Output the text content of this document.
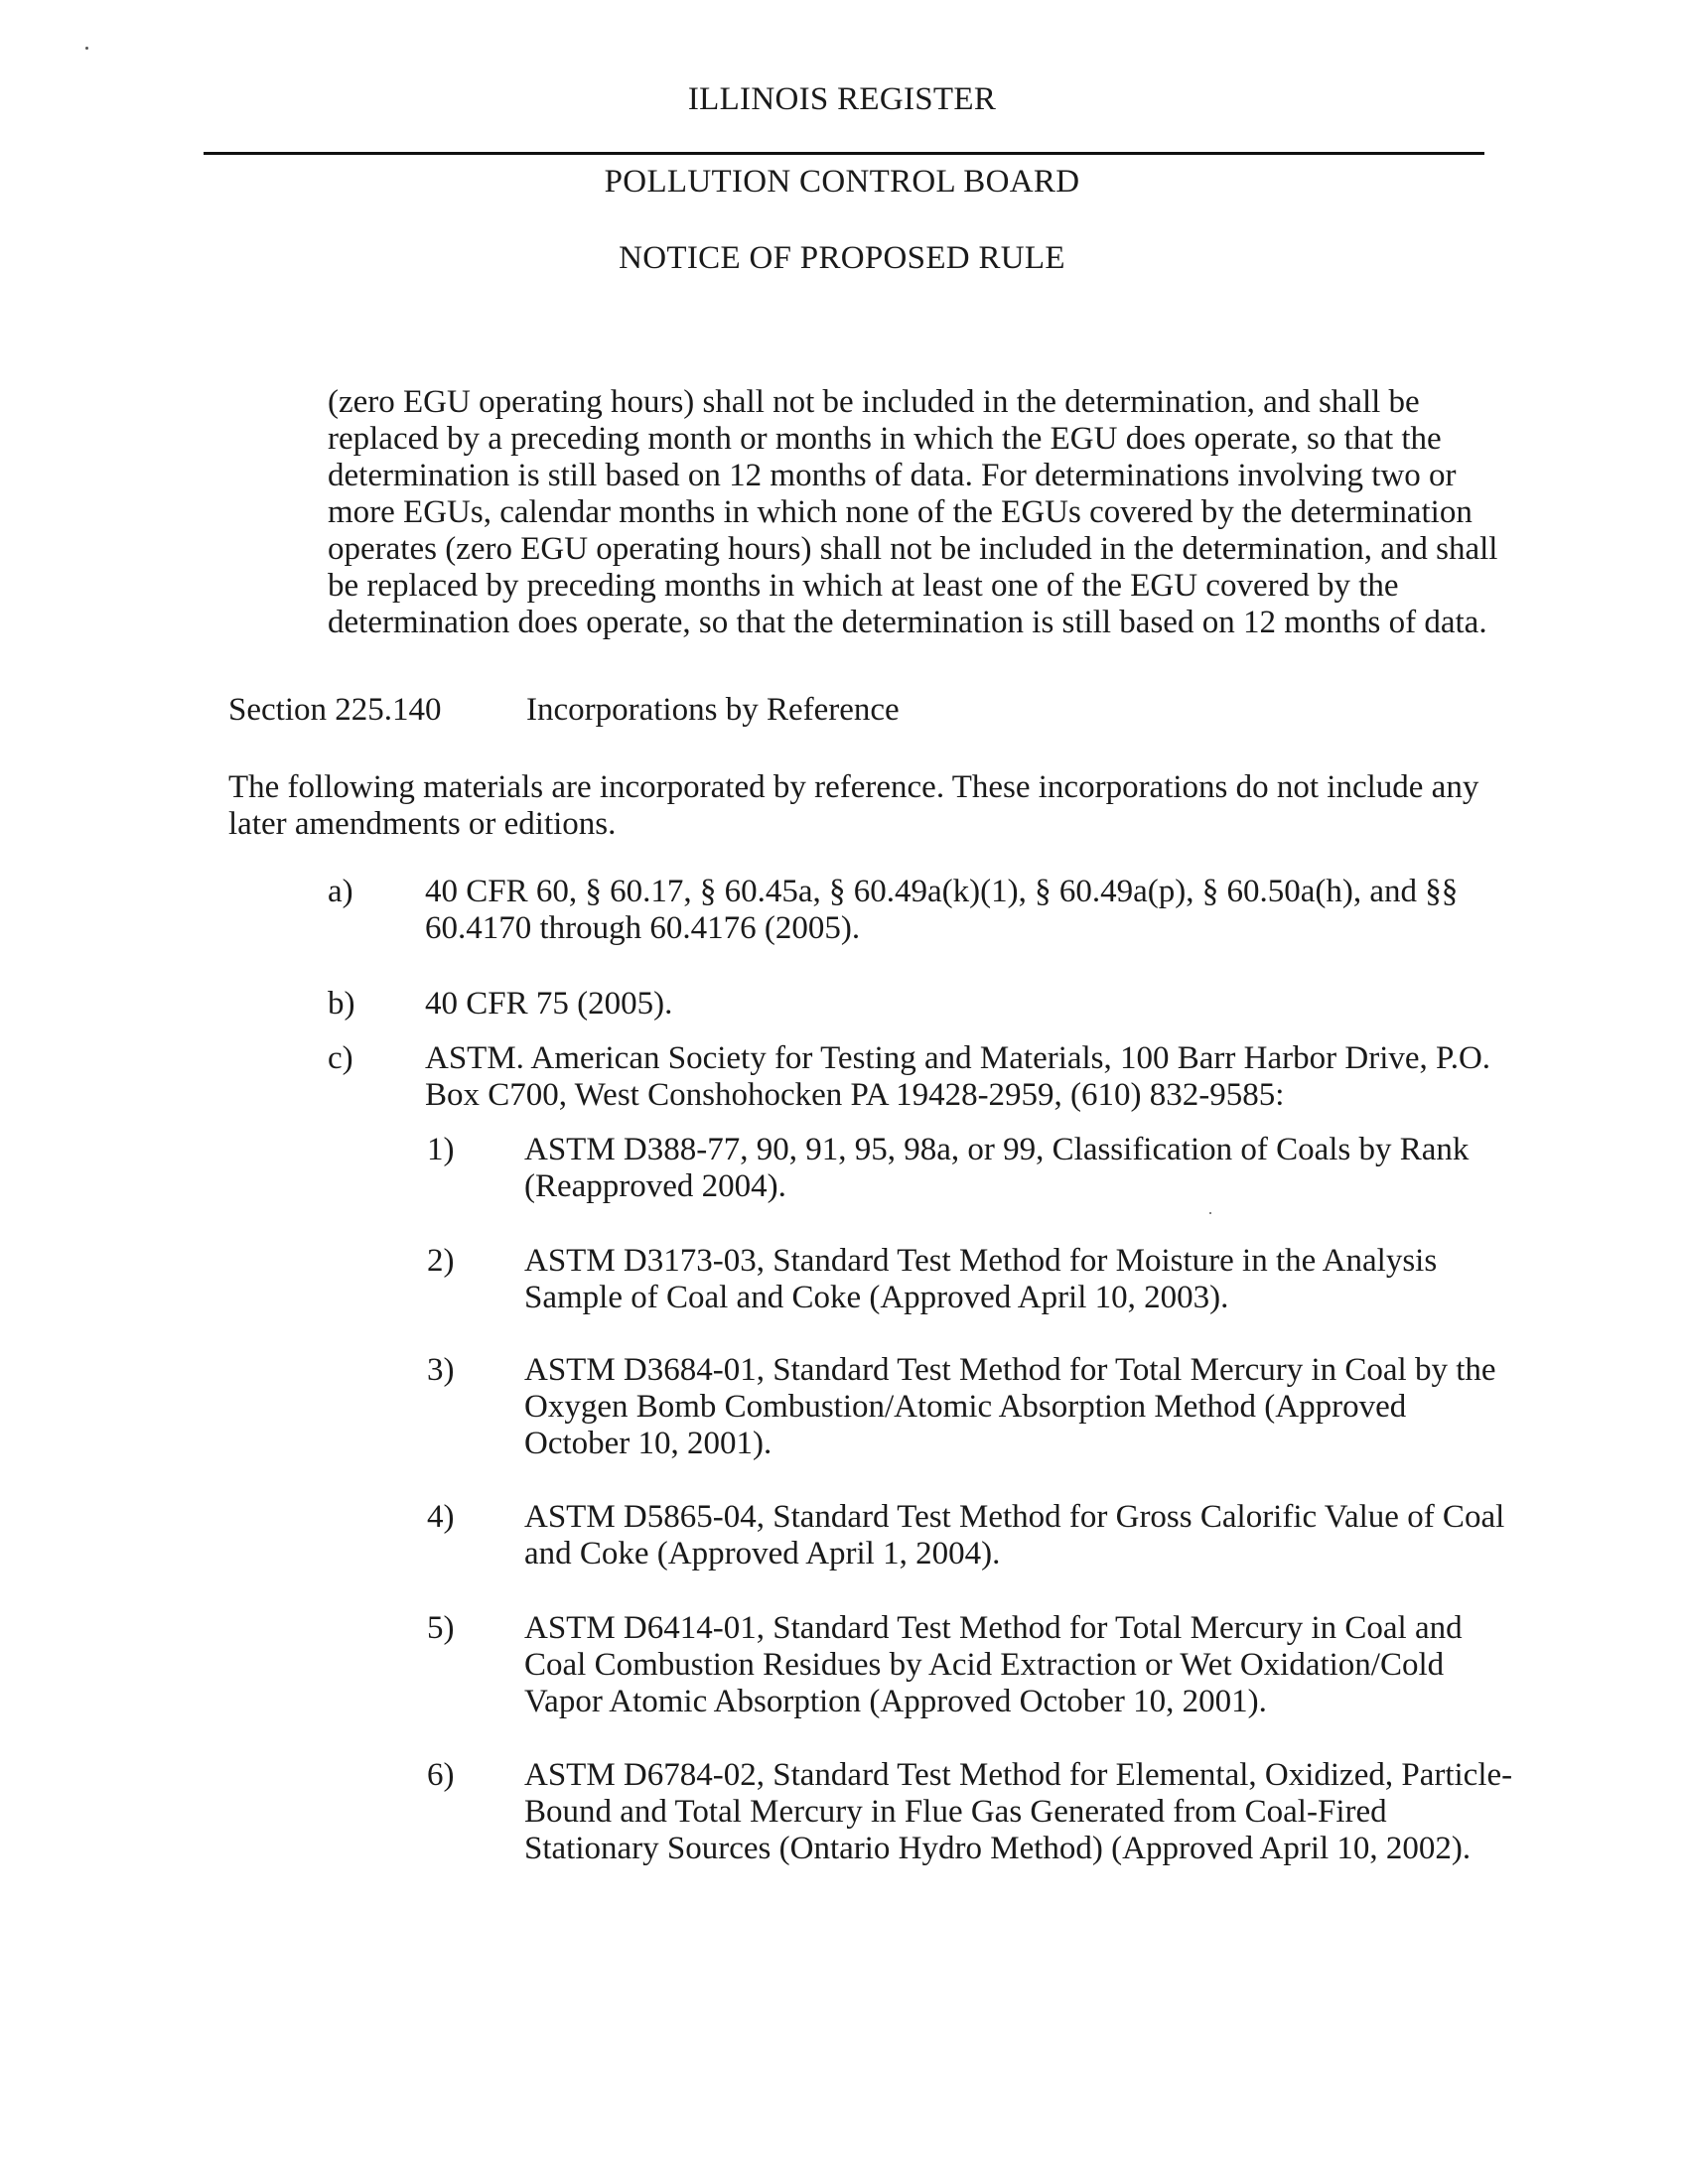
ILLINOIS REGISTER
POLLUTION CONTROL BOARD
NOTICE OF PROPOSED RULE

(zero EGU operating hours) shall not be included in the determination, and shall be replaced by a preceding month or months in which the EGU does operate, so that the determination is still based on 12 months of data. For determinations involving two or more EGUs, calendar months in which none of the EGUs covered by the determination operates (zero EGU operating hours) shall not be included in the determination, and shall be replaced by preceding months in which at least one of the EGU covered by the determination does operate, so that the determination is still based on 12 months of data.

Section 225.140	Incorporations by Reference

The following materials are incorporated by reference. These incorporations do not include any later amendments or editions.

a) 40 CFR 60, § 60.17, § 60.45a, § 60.49a(k)(1), § 60.49a(p), § 60.50a(h), and §§ 60.4170 through 60.4176 (2005).
b) 40 CFR 75 (2005).
c) ASTM. American Society for Testing and Materials, 100 Barr Harbor Drive, P.O. Box C700, West Conshohocken PA 19428-2959, (610) 832-9585:
1) ASTM D388-77, 90, 91, 95, 98a, or 99, Classification of Coals by Rank (Reapproved 2004).
2) ASTM D3173-03, Standard Test Method for Moisture in the Analysis Sample of Coal and Coke (Approved April 10, 2003).
3) ASTM D3684-01, Standard Test Method for Total Mercury in Coal by the Oxygen Bomb Combustion/Atomic Absorption Method (Approved October 10, 2001).
4) ASTM D5865-04, Standard Test Method for Gross Calorific Value of Coal and Coke (Approved April 1, 2004).
5) ASTM D6414-01, Standard Test Method for Total Mercury in Coal and Coal Combustion Residues by Acid Extraction or Wet Oxidation/Cold Vapor Atomic Absorption (Approved October 10, 2001).
6) ASTM D6784-02, Standard Test Method for Elemental, Oxidized, Particle-Bound and Total Mercury in Flue Gas Generated from Coal-Fired Stationary Sources (Ontario Hydro Method) (Approved April 10, 2002).
